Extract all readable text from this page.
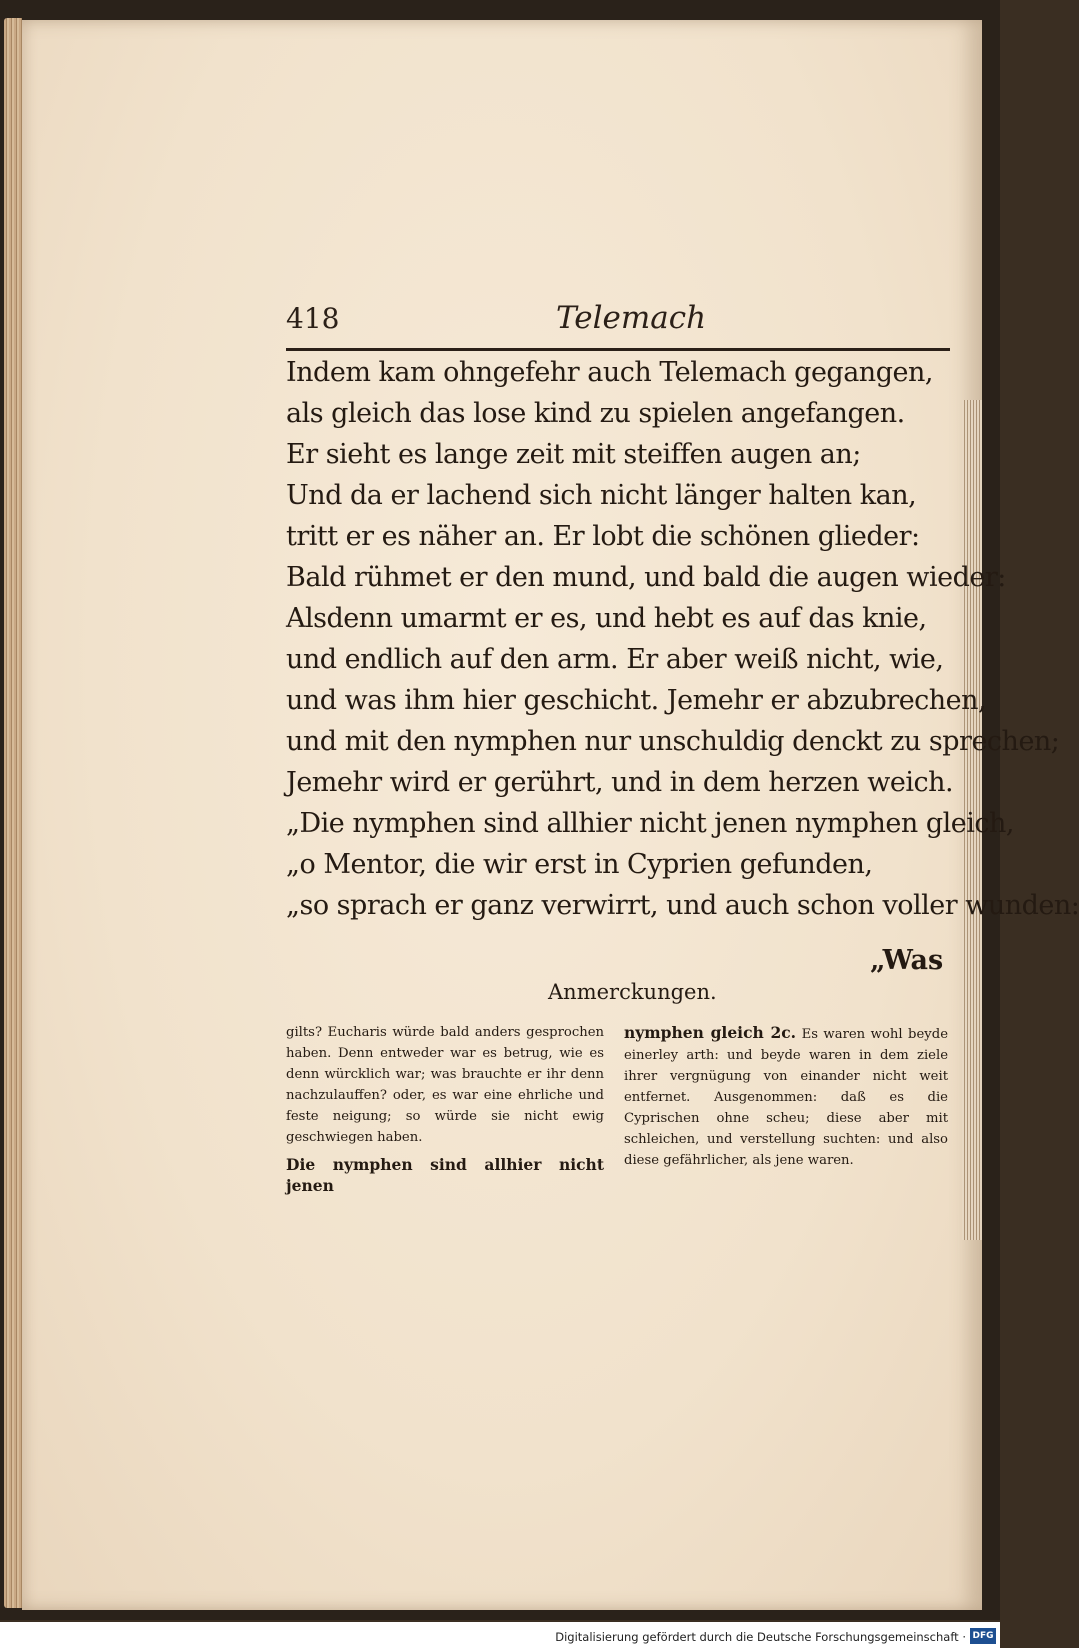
418	Telemach
Indem kam ohngefehr auch Telemach gegangen,
als gleich das lose kind zu spielen angefangen.
Er sieht es lange zeit mit steiffen augen an;
Und da er lachend sich nicht länger halten kan,
tritt er es näher an. Er lobt die schönen glieder:
Bald rühmet er den mund, und bald die augen wieder:
Alsdenn umarmt er es, und hebt es auf das knie,
und endlich auf den arm. Er aber weiß nicht, wie,
und was ihm hier geschicht. Jemehr er abzubrechen,
und mit den nymphen nur unschuldig denckt zu sprechen;
Jemehr wird er gerührt, und in dem herzen weich.
„Die nymphen sind allhier nicht jenen nymphen gleich,
„o Mentor, die wir erst in Cyprien gefunden,
„so sprach er ganz verwirrt, und auch schon voller wunden:
„Was
Anmerckungen.

gilts? Eucharis würde bald anders gesprochen haben. Denn entweder war es betrug, wie es denn würcklich war; was brauchte er ihr denn nachzulauffen? oder, es war eine ehrliche und feste neigung; so würde sie nicht ewig geschwiegen haben.

Die nymphen sind allhier nicht jenen

nymphen gleich 2c. Es waren wohl beyde einerley arth: und beyde waren in dem ziele ihrer vergnügung von einander nicht weit entfernet. Ausgenommen: daß es die Cyprischen ohne scheu; diese aber mit schleichen, und verstellung suchten: und also diese gefährlicher, als jene waren.

Digitalisierung gefördert durch die Deutsche Forschungsgemeinschaft · DFG
